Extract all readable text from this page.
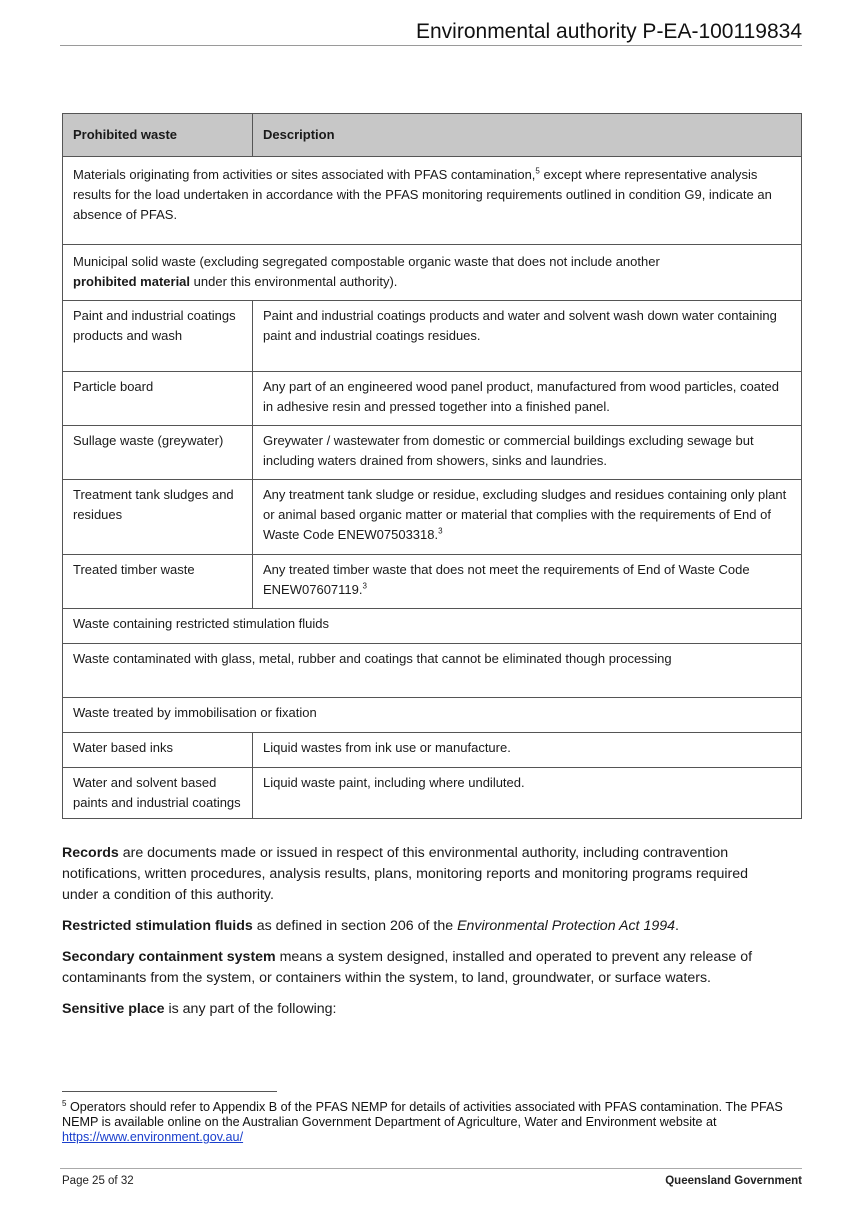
Environmental authority P-EA-100119834
Prohibited waste	Description
Materials originating from activities or sites associated with PFAS contamination,$^5$ except where representative analysis results for the load undertaken in accordance with the PFAS monitoring requirements outlined in condition G9, indicate an absence of PFAS.	
Municipal solid waste (excluding segregated compostable organic waste that does not include another
prohibited material under this environmental authority).	
Paint and industrial coatings products and wash	Paint and industrial coatings products and water and solvent wash down water containing paint and industrial coatings residues.
Particle board	Any part of an engineered wood panel product, manufactured from wood particles, coated in adhesive resin and pressed together into a finished panel.
Sullage waste (greywater)	Greywater / wastewater from domestic or commercial buildings excluding sewage but including waters drained from showers, sinks and laundries.
Treatment tank sludges and residues	Any treatment tank sludge or residue, excluding sludges and residues containing only plant or animal based organic matter or material that complies with the requirements of End of Waste Code ENEW07503318.$^3$
Treated timber waste	Any treated timber waste that does not meet the requirements of End of Waste Code ENEW07607119.$^3$
Waste containing restricted stimulation fluids	
Waste contaminated with glass, metal, rubber and coatings that cannot be eliminated though processing	
Waste treated by immobilisation or fixation	
Water based inks	Liquid wastes from ink use or manufacture.
Water and solvent based paints and industrial coatings	Liquid waste paint, including where undiluted.

Records are documents made or issued in respect of this environmental authority, including contravention notifications, written procedures, analysis results, plans, monitoring reports and monitoring programs required under a condition of this authority.

Restricted stimulation fluids as defined in section 206 of the Environmental Protection Act 1994.

Secondary containment system means a system designed, installed and operated to prevent any release of contaminants from the system, or containers within the system, to land, groundwater, or surface waters.

Sensitive place is any part of the following:

$^5$ Operators should refer to Appendix B of the PFAS NEMP for details of activities associated with PFAS contamination. The PFAS NEMP is available online on the Australian Government Department of Agriculture, Water and Environment website at https://www.environment.gov.au/
Page 25 of 32	Queensland Government
